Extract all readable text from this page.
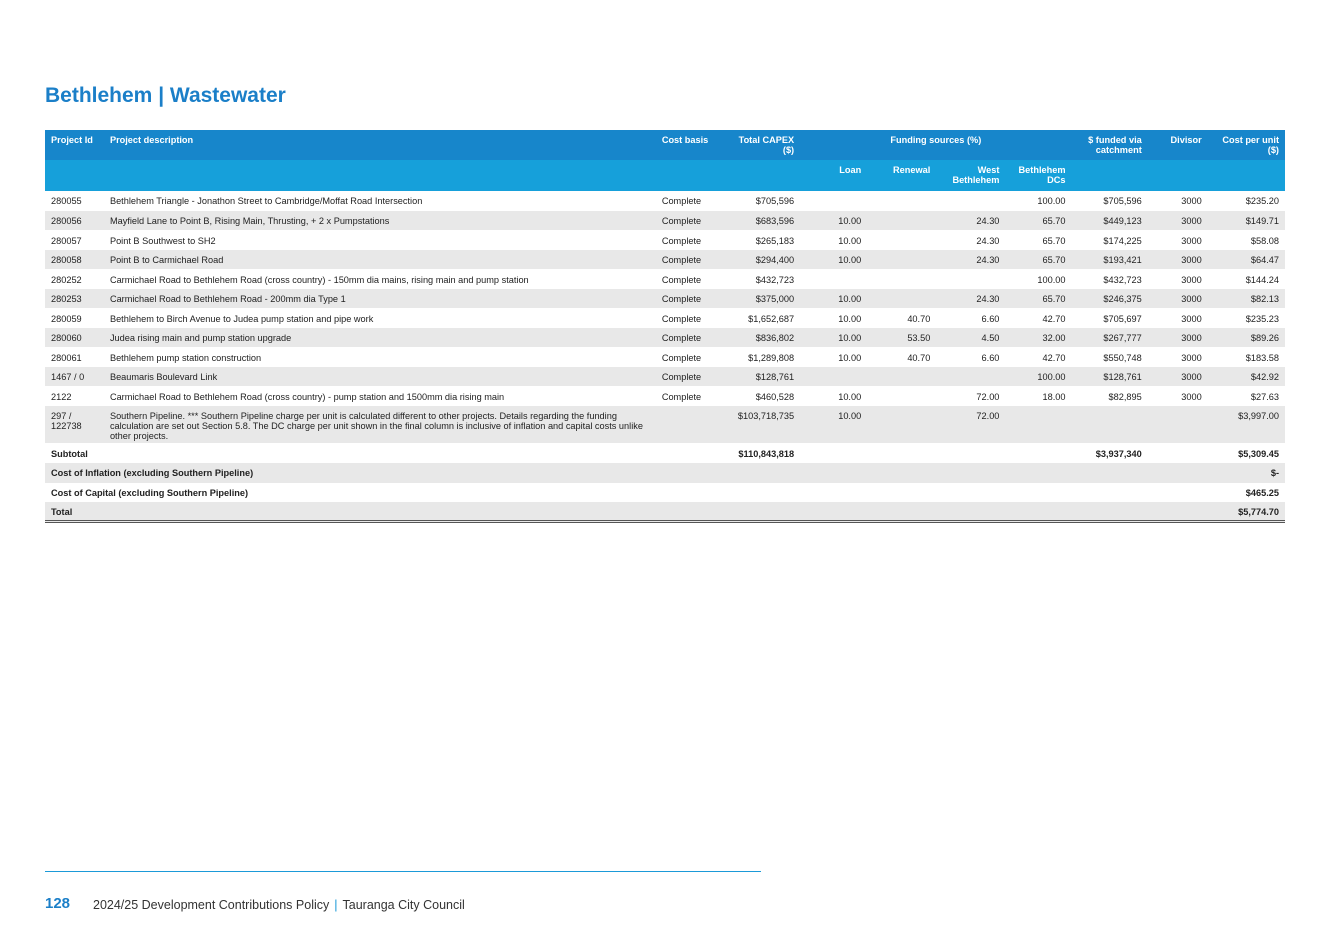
Bethlehem | Wastewater
Project Id	Project description	Cost basis	Total CAPEX ($)	Funding sources (%)				$ funded via catchment	Divisor	Cost per unit ($)
				Loan	Renewal	West Bethlehem	Bethlehem DCs			
280055	Bethlehem Triangle - Jonathon Street to Cambridge/Moffat Road Intersection	Complete	$705,596				100.00	$705,596	3000	$235.20
280056	Mayfield Lane to Point B, Rising Main, Thrusting, + 2 x Pumpstations	Complete	$683,596	10.00		24.30	65.70	$449,123	3000	$149.71
280057	Point B Southwest to SH2	Complete	$265,183	10.00		24.30	65.70	$174,225	3000	$58.08
280058	Point B to Carmichael Road	Complete	$294,400	10.00		24.30	65.70	$193,421	3000	$64.47
280252	Carmichael Road to Bethlehem Road (cross country) - 150mm dia mains, rising main and pump station	Complete	$432,723				100.00	$432,723	3000	$144.24
280253	Carmichael Road to Bethlehem Road - 200mm dia Type 1	Complete	$375,000	10.00		24.30	65.70	$246,375	3000	$82.13
280059	Bethlehem to Birch Avenue to Judea pump station and pipe work	Complete	$1,652,687	10.00	40.70	6.60	42.70	$705,697	3000	$235.23
280060	Judea rising main and pump station upgrade	Complete	$836,802	10.00	53.50	4.50	32.00	$267,777	3000	$89.26
280061	Bethlehem pump station construction	Complete	$1,289,808	10.00	40.70	6.60	42.70	$550,748	3000	$183.58
1467 / 0	Beaumaris Boulevard Link	Complete	$128,761				100.00	$128,761	3000	$42.92
2122	Carmichael Road to Bethlehem Road (cross country) - pump station and 1500mm dia rising main	Complete	$460,528	10.00		72.00	18.00	$82,895	3000	$27.63
297 / 122738	Southern Pipeline. *** Southern Pipeline charge per unit is calculated different to other projects. Details regarding the funding calculation are set out Section 5.8. The DC charge per unit shown in the final column is inclusive of inflation and capital costs unlike other projects.		$103,718,735	10.00		72.00				$3,997.00
Subtotal			$110,843,818					$3,937,340		$5,309.45
Cost of Inflation (excluding Southern Pipeline)										$-
Cost of Capital (excluding Southern Pipeline)										$465.25
Total										$5,774.70
128 2024/25 Development Contributions Policy | Tauranga City Council
